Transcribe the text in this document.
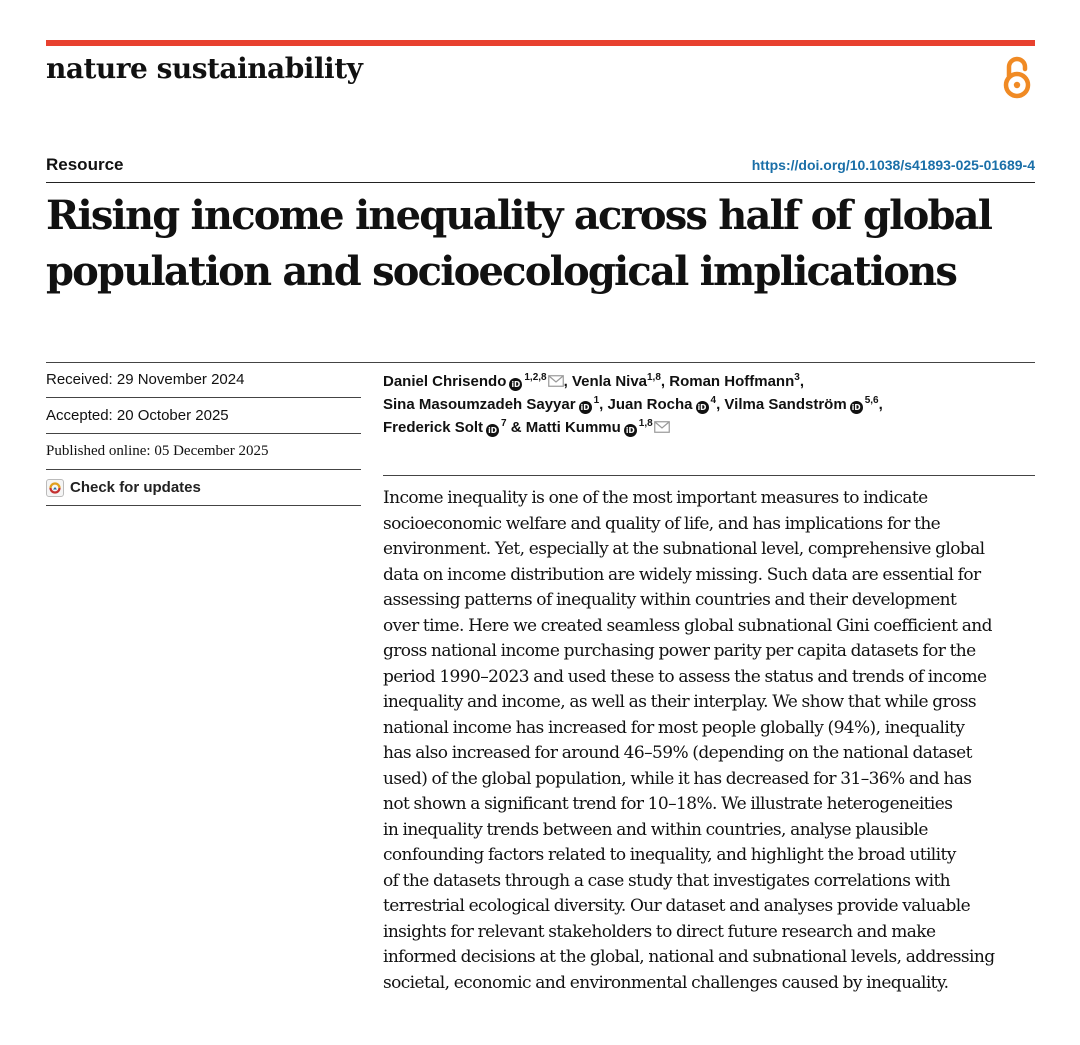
nature sustainability
Resource	https://doi.org/10.1038/s41893-025-01689-4
Rising income inequality across half of global
population and socioecological implications
Received: 29 November 2024
Accepted: 20 October 2025
Published online: 05 December 2025
Check for updates
Daniel Chrisendo iD$^{1,2,8}$ , Venla Niva$^{1,8}$, Roman Hoffmann$^3$,
Sina Masoumzadeh Sayyar $iD^1$, Juan Rocha $iD^4$, Vilma Sandström iD$^{5,6}$,
Frederick Solt $iD^7$ & Matti Kummu iD$^{1,8}$

Income inequality is one of the most important measures to indicate
socioeconomic welfare and quality of life, and has implications for the
environment. Yet, especially at the subnational level, comprehensive global
data on income distribution are widely missing. Such data are essential for
assessing patterns of inequality within countries and their development
over time. Here we created seamless global subnational Gini coefficient and
gross national income purchasing power parity per capita datasets for the
period 1990–2023 and used these to assess the status and trends of income
inequality and income, as well as their interplay. We show that while gross
national income has increased for most people globally (94%), inequality
has also increased for around 46–59% (depending on the national dataset
used) of the global population, while it has decreased for 31–36% and has
not shown a significant trend for 10–18%. We illustrate heterogeneities
in inequality trends between and within countries, analyse plausible
confounding factors related to inequality, and highlight the broad utility
of the datasets through a case study that investigates correlations with
terrestrial ecological diversity. Our dataset and analyses provide valuable
insights for relevant stakeholders to direct future research and make
informed decisions at the global, national and subnational levels, addressing
societal, economic and environmental challenges caused by inequality.
